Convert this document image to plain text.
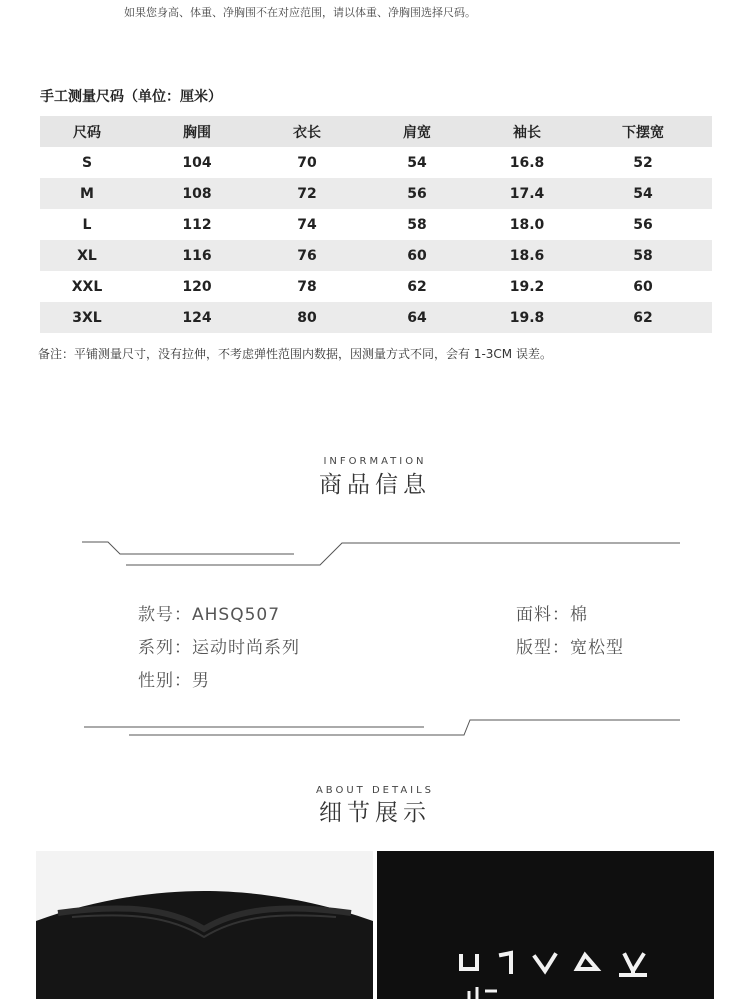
如果您身高、体重、净胸围不在对应范围，请以体重、净胸围选择尺码。
手工测量尺码（单位：厘米）
尺码	胸围	衣长	肩宽	袖长	下摆宽
S	104	70	54	16.8	52
M	108	72	56	17.4	54
L	112	74	58	18.0	56
XL	116	76	60	18.6	58
XXL	120	78	62	19.2	60
3XL	124	80	64	19.8	62
备注：平铺测量尺寸，没有拉伸，不考虑弹性范围内数据，因测量方式不同，会有 1-3CM 误差。
INFORMATION
商品信息
款号：AHSQ507
系列：运动时尚系列
性别：男
面料：棉
版型：宽松型
ABOUT DETAILS
细节展示
